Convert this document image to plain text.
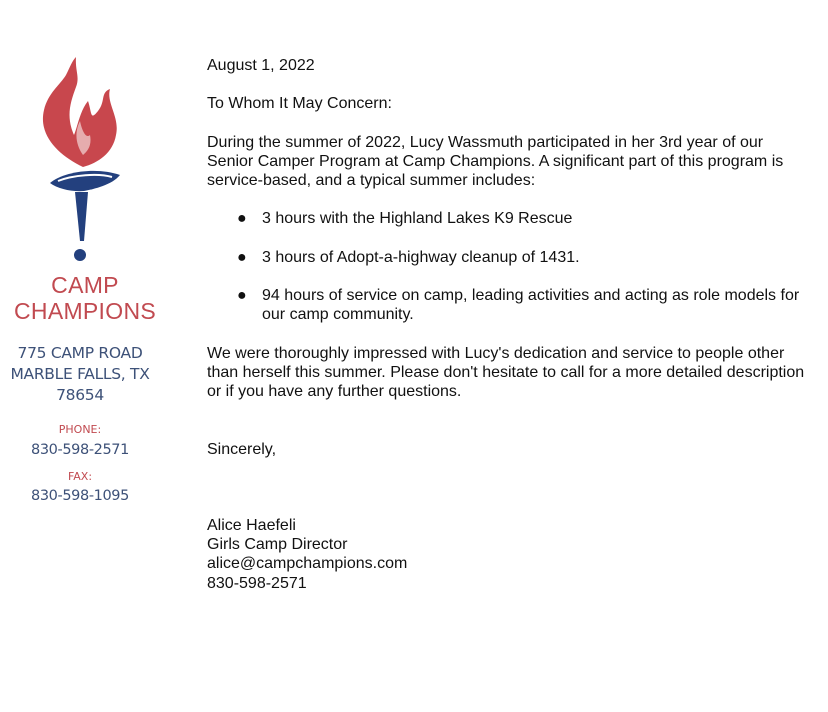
CAMP
CHAMPIONS
775 CAMP ROAD
MARBLE FALLS, TX
78654
PHONE:
830-598-2571
FAX:
830-598-1095

August 1, 2022

To Whom It May Concern:

During the summer of 2022, Lucy Wassmuth participated in her 3rd year of our Senior Camper Program at Camp Champions. A significant part of this program is service-based, and a typical summer includes:

● 3 hours with the Highland Lakes K9 Rescue
● 3 hours of Adopt-a-highway cleanup of 1431.
● 94 hours of service on camp, leading activities and acting as role models for our camp community.

We were thoroughly impressed with Lucy's dedication and service to people other than herself this summer. Please don't hesitate to call for a more detailed description or if you have any further questions.

Sincerely,

Alice Haefeli

Girls Camp Director

alice@campchampions.com

830-598-2571
